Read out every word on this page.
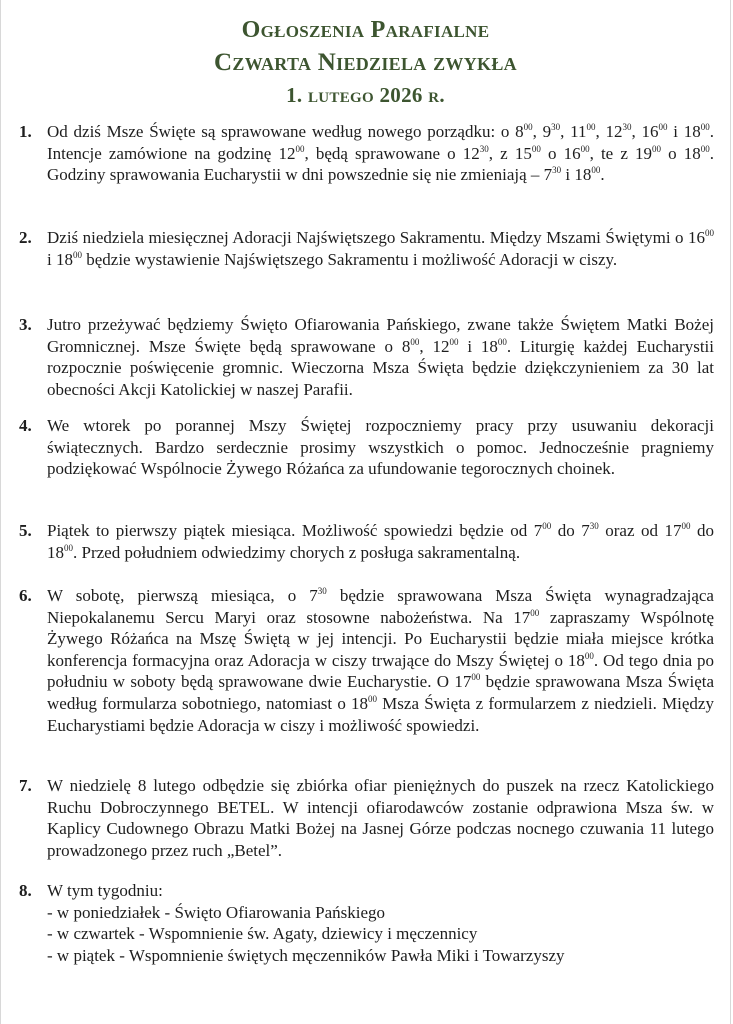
Ogłoszenia Parafialne
Czwarta Niedziela zwykła
1. lutego 2026 r.
1. Od dziś Msze Święte są sprawowane według nowego porządku: o $8^{00}$, $9^{30}$, $11^{00}$, $12^{30}$, $16^{00}$ i $18^{00}$. Intencje zamówione na godzinę $12^{00}$, będą sprawowane o $12^{30}$, z $15^{00}$ o $16^{00}$, te z $19^{00}$ o $18^{00}$. Godziny sprawowania Eucharystii w dni powszednie się nie zmieniają – $7^{30}$ i $18^{00}$.
2. Dziś niedziela miesięcznej Adoracji Najświętszego Sakramentu. Między Mszami Świętymi o $16^{00}$ i $18^{00}$ będzie wystawienie Najświętszego Sakramentu i możliwość Adoracji w ciszy.
3. Jutro przeżywać będziemy Święto Ofiarowania Pańskiego, zwane także Świętem Matki Bożej Gromnicznej. Msze Święte będą sprawowane o $8^{00}$, $12^{00}$ i $18^{00}$. Liturgię każdej Eucharystii rozpocznie poświęcenie gromnic. Wieczorna Msza Święta będzie dziękczynieniem za 30 lat obecności Akcji Katolickiej w naszej Parafii.
4. We wtorek po porannej Mszy Świętej rozpoczniemy pracy przy usuwaniu dekoracji świątecznych. Bardzo serdecznie prosimy wszystkich o pomoc. Jednocześnie pragniemy podziękować Wspólnocie Żywego Różańca za ufundowanie tegorocznych choinek.
5. Piątek to pierwszy piątek miesiąca. Możliwość spowiedzi będzie od $7^{00}$ do $7^{30}$ oraz od $17^{00}$ do $18^{00}$. Przed południem odwiedzimy chorych z posługa sakramentalną.
6. W sobotę, pierwszą miesiąca, o $7^{30}$ będzie sprawowana Msza Święta wynagradzająca Niepokalanemu Sercu Maryi oraz stosowne nabożeństwa. Na $17^{00}$ zapraszamy Wspólnotę Żywego Różańca na Mszę Świętą w jej intencji. Po Eucharystii będzie miała miejsce krótka konferencja formacyjna oraz Adoracja w ciszy trwające do Mszy Świętej o $18^{00}$. Od tego dnia po południu w soboty będą sprawowane dwie Eucharystie. O $17^{00}$ będzie sprawowana Msza Święta według formularza sobotniego, natomiast o $18^{00}$ Msza Święta z formularzem z niedzieli. Między Eucharystiami będzie Adoracja w ciszy i możliwość spowiedzi.
7. W niedzielę 8 lutego odbędzie się zbiórka ofiar pieniężnych do puszek na rzecz Katolickiego Ruchu Dobroczynnego BETEL. W intencji ofiarodawców zostanie odprawiona Msza św. w Kaplicy Cudownego Obrazu Matki Bożej na Jasnej Górze podczas nocnego czuwania 11 lutego prowadzonego przez ruch „Betel”.
8. W tym tygodniu:
- w poniedziałek - Święto Ofiarowania Pańskiego
- w czwartek - Wspomnienie św. Agaty, dziewicy i męczennicy
- w piątek - Wspomnienie świętych męczenników Pawła Miki i Towarzyszy
